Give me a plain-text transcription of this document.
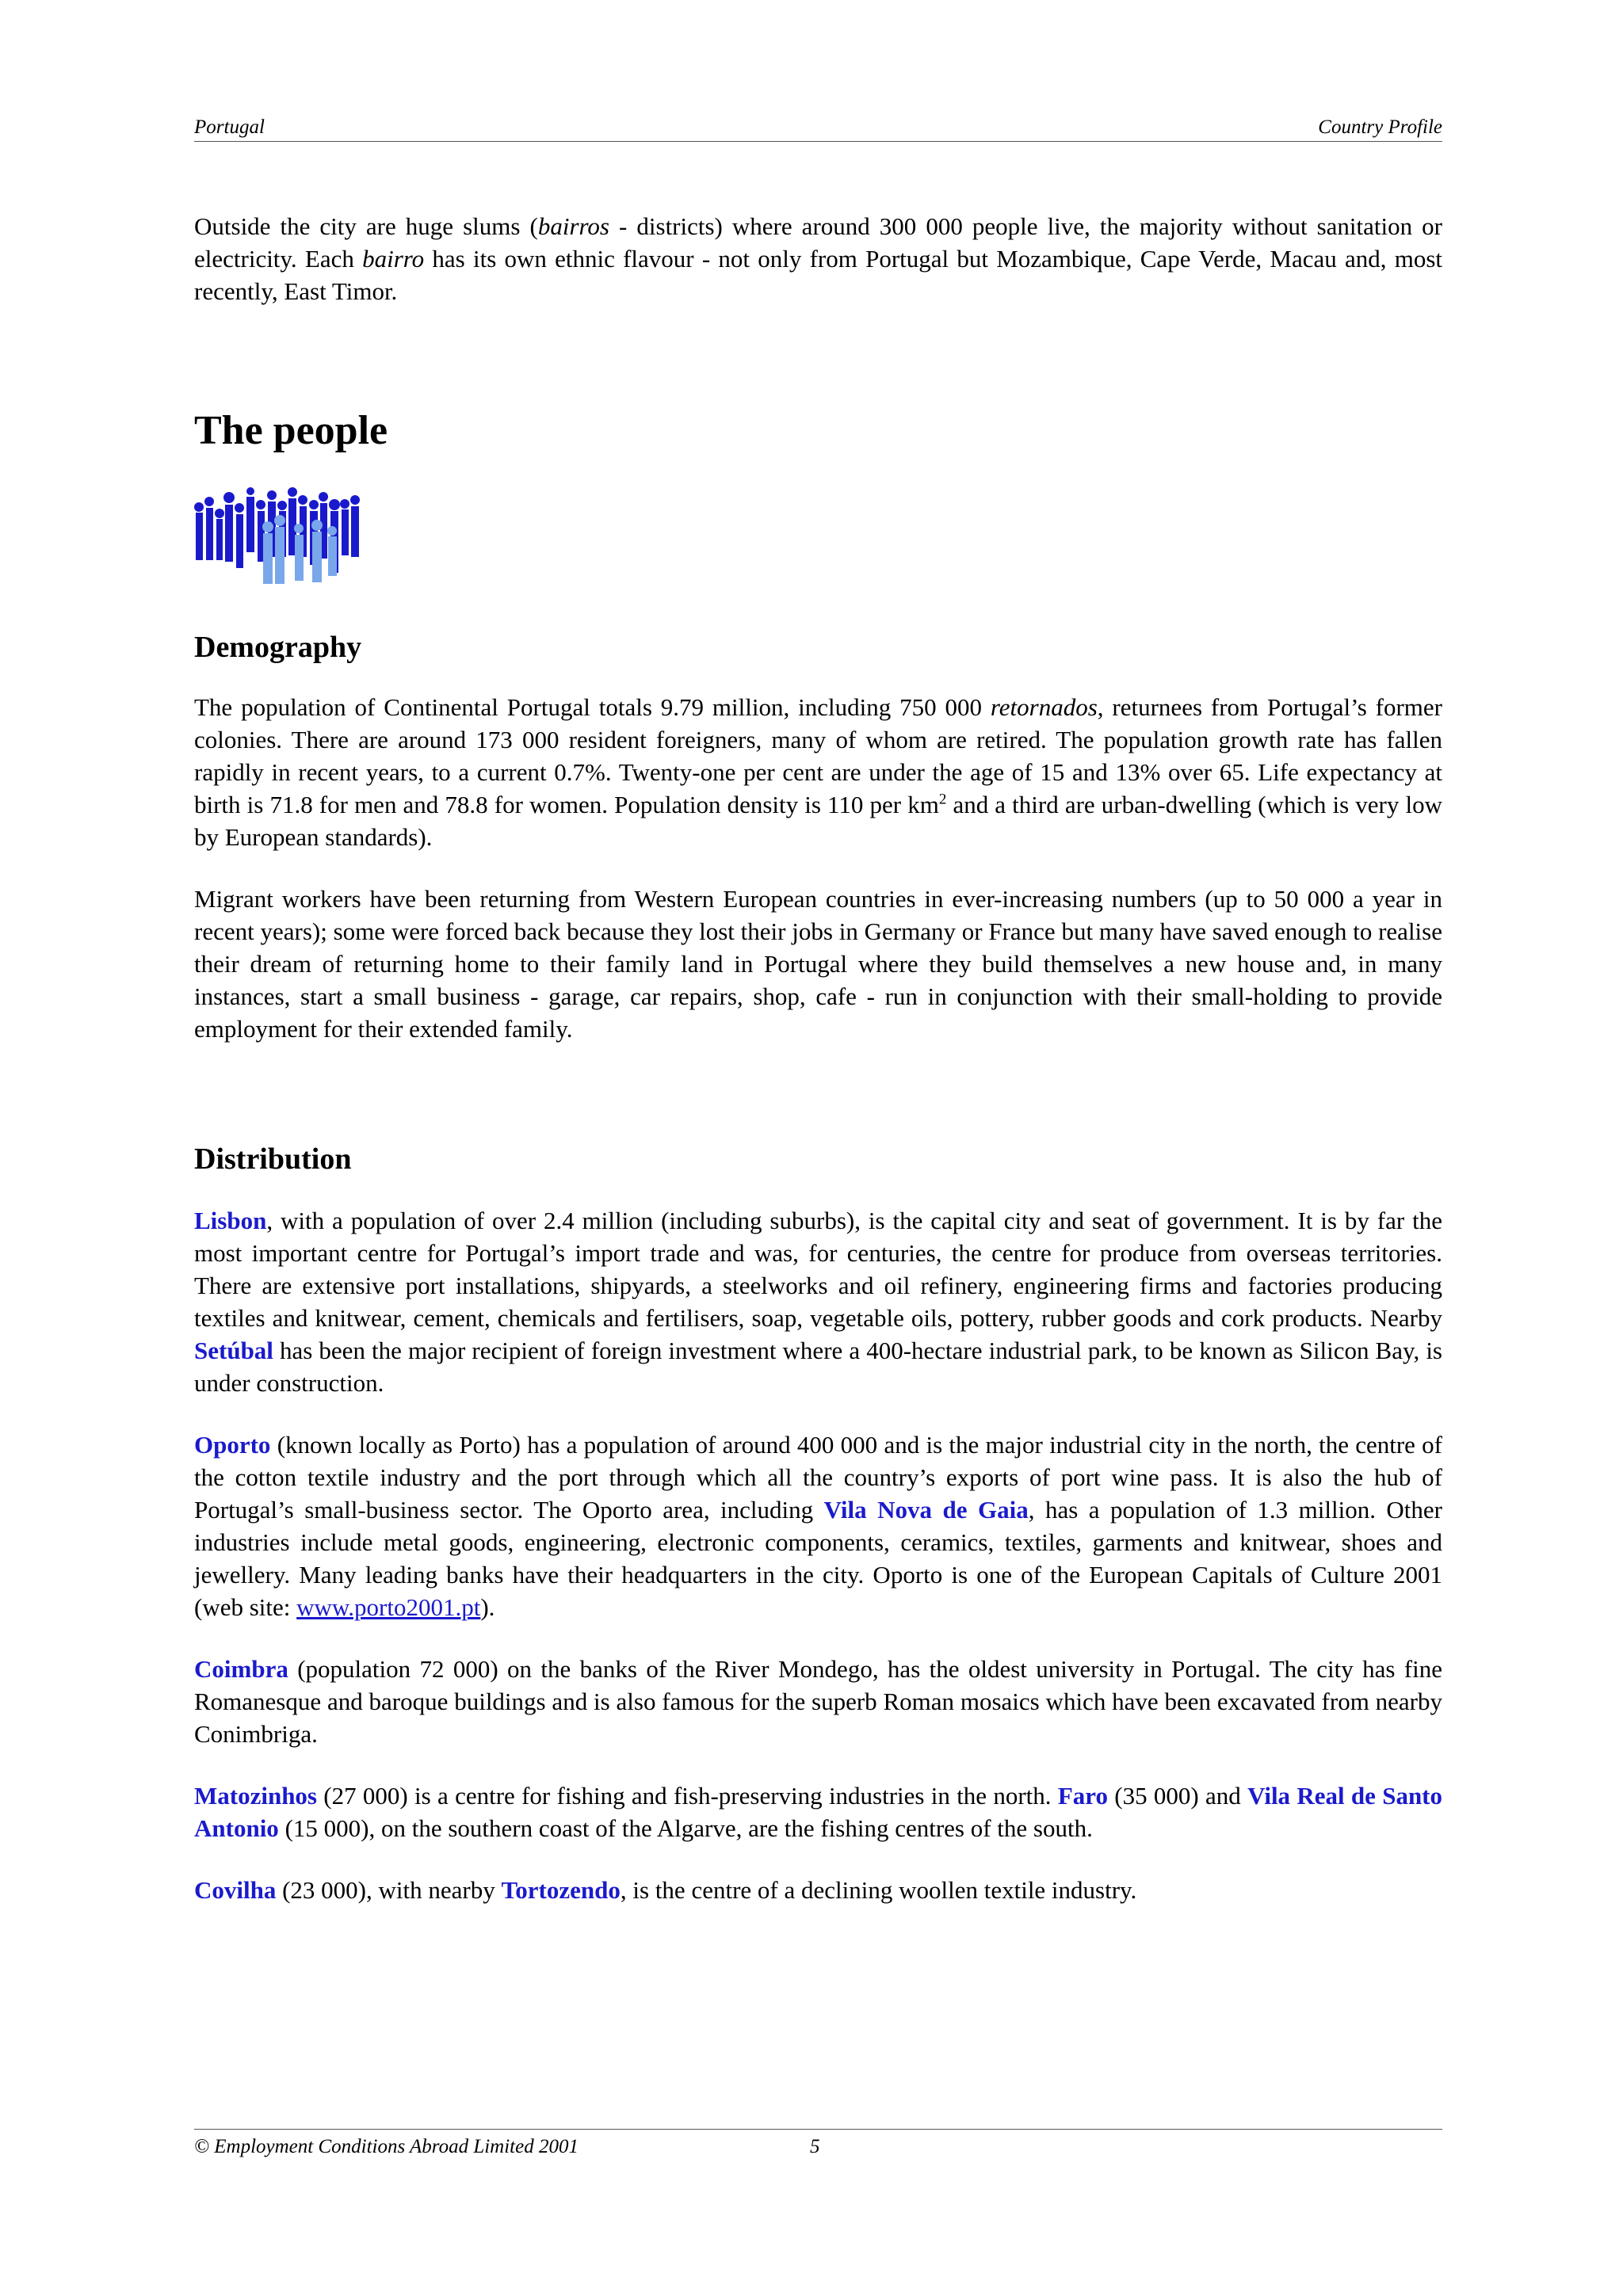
Portugal	Country Profile

Outside the city are huge slums (bairros - districts) where around 300 000 people live, the majority without sanitation or electricity. Each bairro has its own ethnic flavour - not only from Portugal but Mozambique, Cape Verde, Macau and, most recently, East Timor.

The people
Demography

The population of Continental Portugal totals 9.79 million, including 750 000 retornados, returnees from Portugal’s former colonies. There are around 173 000 resident foreigners, many of whom are retired. The population growth rate has fallen rapidly in recent years, to a current 0.7%. Twenty-one per cent are under the age of 15 and 13% over 65. Life expectancy at birth is 71.8 for men and 78.8 for women. Population density is 110 per $km^2$ and a third are urban-dwelling (which is very low by European standards).

Migrant workers have been returning from Western European countries in ever-increasing numbers (up to 50 000 a year in recent years); some were forced back because they lost their jobs in Germany or France but many have saved enough to realise their dream of returning home to their family land in Portugal where they build themselves a new house and, in many instances, start a small business - garage, car repairs, shop, cafe - run in conjunction with their small-holding to provide employment for their extended family.

Distribution

Lisbon, with a population of over 2.4 million (including suburbs), is the capital city and seat of government. It is by far the most important centre for Portugal’s import trade and was, for centuries, the centre for produce from overseas territories. There are extensive port installations, shipyards, a steelworks and oil refinery, engineering firms and factories producing textiles and knitwear, cement, chemicals and fertilisers, soap, vegetable oils, pottery, rubber goods and cork products. Nearby Setúbal has been the major recipient of foreign investment where a 400-hectare industrial park, to be known as Silicon Bay, is under construction.

Oporto (known locally as Porto) has a population of around 400 000 and is the major industrial city in the north, the centre of the cotton textile industry and the port through which all the country’s exports of port wine pass. It is also the hub of Portugal’s small-business sector. The Oporto area, including Vila Nova de Gaia, has a population of 1.3 million. Other industries include metal goods, engineering, electronic components, ceramics, textiles, garments and knitwear, shoes and jewellery. Many leading banks have their headquarters in the city. Oporto is one of the European Capitals of Culture 2001 (web site: www.porto2001.pt).

Coimbra (population 72 000) on the banks of the River Mondego, has the oldest university in Portugal. The city has fine Romanesque and baroque buildings and is also famous for the superb Roman mosaics which have been excavated from nearby Conimbriga.

Matozinhos (27 000) is a centre for fishing and fish-preserving industries in the north. Faro (35 000) and Vila Real de Santo Antonio (15 000), on the southern coast of the Algarve, are the fishing centres of the south.

Covilha (23 000), with nearby Tortozendo, is the centre of a declining woollen textile industry.

© Employment Conditions Abroad Limited 2001	5
